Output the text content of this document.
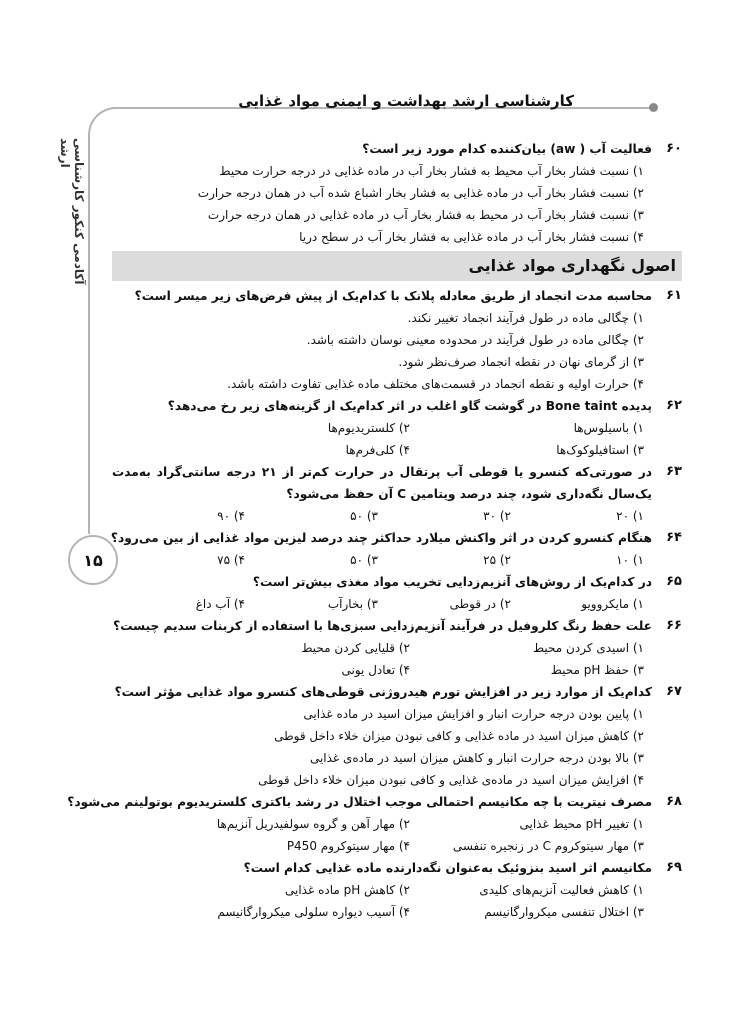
۱۵
آکادمی کنکور کارشناسی ارشد
کارشناسی ارشد بهداشت و ایمنی مواد غذایی
۶۰
فعالیت آب ( aw) بیان‌کننده کدام مورد زیر است؟
۱) نسبت فشار بخار آب محیط به فشار بخار آب در ماده غذایی در درجه حرارت محیط
۲) نسبت فشار بخار آب در ماده غذایی به فشار بخار اشباع شده آب در همان درجه حرارت
۳) نسبت فشار بخار آب در محیط به فشار بخار آب در ماده غذایی در همان درجه حرارت
۴) نسبت فشار بخار آب در ماده غذایی به فشار بخار آب در سطح دریا
اصول نگهداری مواد غذایی
۶۱
محاسبه مدت انجماد از طریق معادله پلانک با کدام‌یک از پیش فرض‌های زیر میسر است؟
۱) چگالی ماده در طول فرآیند انجماد تغییر نکند.
۲) چگالی ماده در طول فرآیند در محدوده معینی نوسان داشته باشد.
۳) از گرمای نهان در نقطه انجماد صرف‌نظر شود.
۴) حرارت اولیه و نقطه انجماد در قسمت‌های مختلف ماده غذایی تفاوت داشته باشد.
۶۲
پدیده Bone taint در گوشت گاو اغلب در اثر کدام‌یک از گزینه‌های زیر رخ می‌دهد؟
۱) باسیلوس‌ها
۲) کلستریدیوم‌ها
۳) استافیلوکوک‌ها
۴) کلی‌فرم‌ها
۶۳
در صورتی‌که کنسرو یا قوطی آب پرتقال در حرارت کم‌تر از ۲۱ درجه سانتی‌گراد به‌مدت یک‌سال نگه‌داری شود، چند درصد ویتامین C آن حفظ می‌شود؟
۱) ۲۰
۲) ۳۰
۳) ۵۰
۴) ۹۰
۶۴
هنگام کنسرو کردن در اثر واکنش میلارد حداکثر چند درصد لیزین مواد غذایی از بین می‌رود؟
۱) ۱۰
۲) ۲۵
۳) ۵۰
۴) ۷۵
۶۵
در کدام‌یک از روش‌های آنزیم‌زدایی تخریب مواد مغذی بیش‌تر است؟
۱) مایکروویو
۲) در قوطی
۳) بخارآب
۴) آب داغ
۶۶
علت حفظ رنگ کلروفیل در فرآیند آنزیم‌زدایی سبزی‌ها با استفاده از کربنات سدیم چیست؟
۱) اسیدی کردن محیط
۲) قلیایی کردن محیط
۳) حفظ pH محیط
۴) تعادل یونی
۶۷
کدام‌یک از موارد زیر در افزایش تورم هیدروژنی قوطی‌های کنسرو مواد غذایی مؤثر است؟
۱) پایین بودن درجه حرارت انبار و افزایش میزان اسید در ماده غذایی
۲) کاهش میزان اسید در ماده غذایی و کافی نبودن میزان خلاء داخل قوطی
۳) بالا بودن درجه حرارت انبار و کاهش میزان اسید در ماده‌ی غذایی
۴) افزایش میزان اسید در ماده‌ی غذایی و کافی نبودن میزان خلاء داخل قوطی
۶۸
مصرف نیتریت با چه مکانیسم احتمالی موجب اختلال در رشد باکتری کلستریدیوم بوتولینم می‌شود؟
۱) تغییر pH محیط غذایی
۲) مهار آهن و گروه سولفیدریل آنزیم‌ها
۳) مهار سیتوکروم C در زنجیره تنفسی
۴) مهار سیتوکروم P450
۶۹
مکانیسم اثر اسید بنزوئیک به‌عنوان نگه‌دارنده ماده غذایی کدام است؟
۱) کاهش فعالیت آنزیم‌های کلیدی
۲) کاهش pH ماده غذایی
۳) اختلال تنفسی میکروارگانیسم
۴) آسیب دیواره سلولی میکروارگانیسم
